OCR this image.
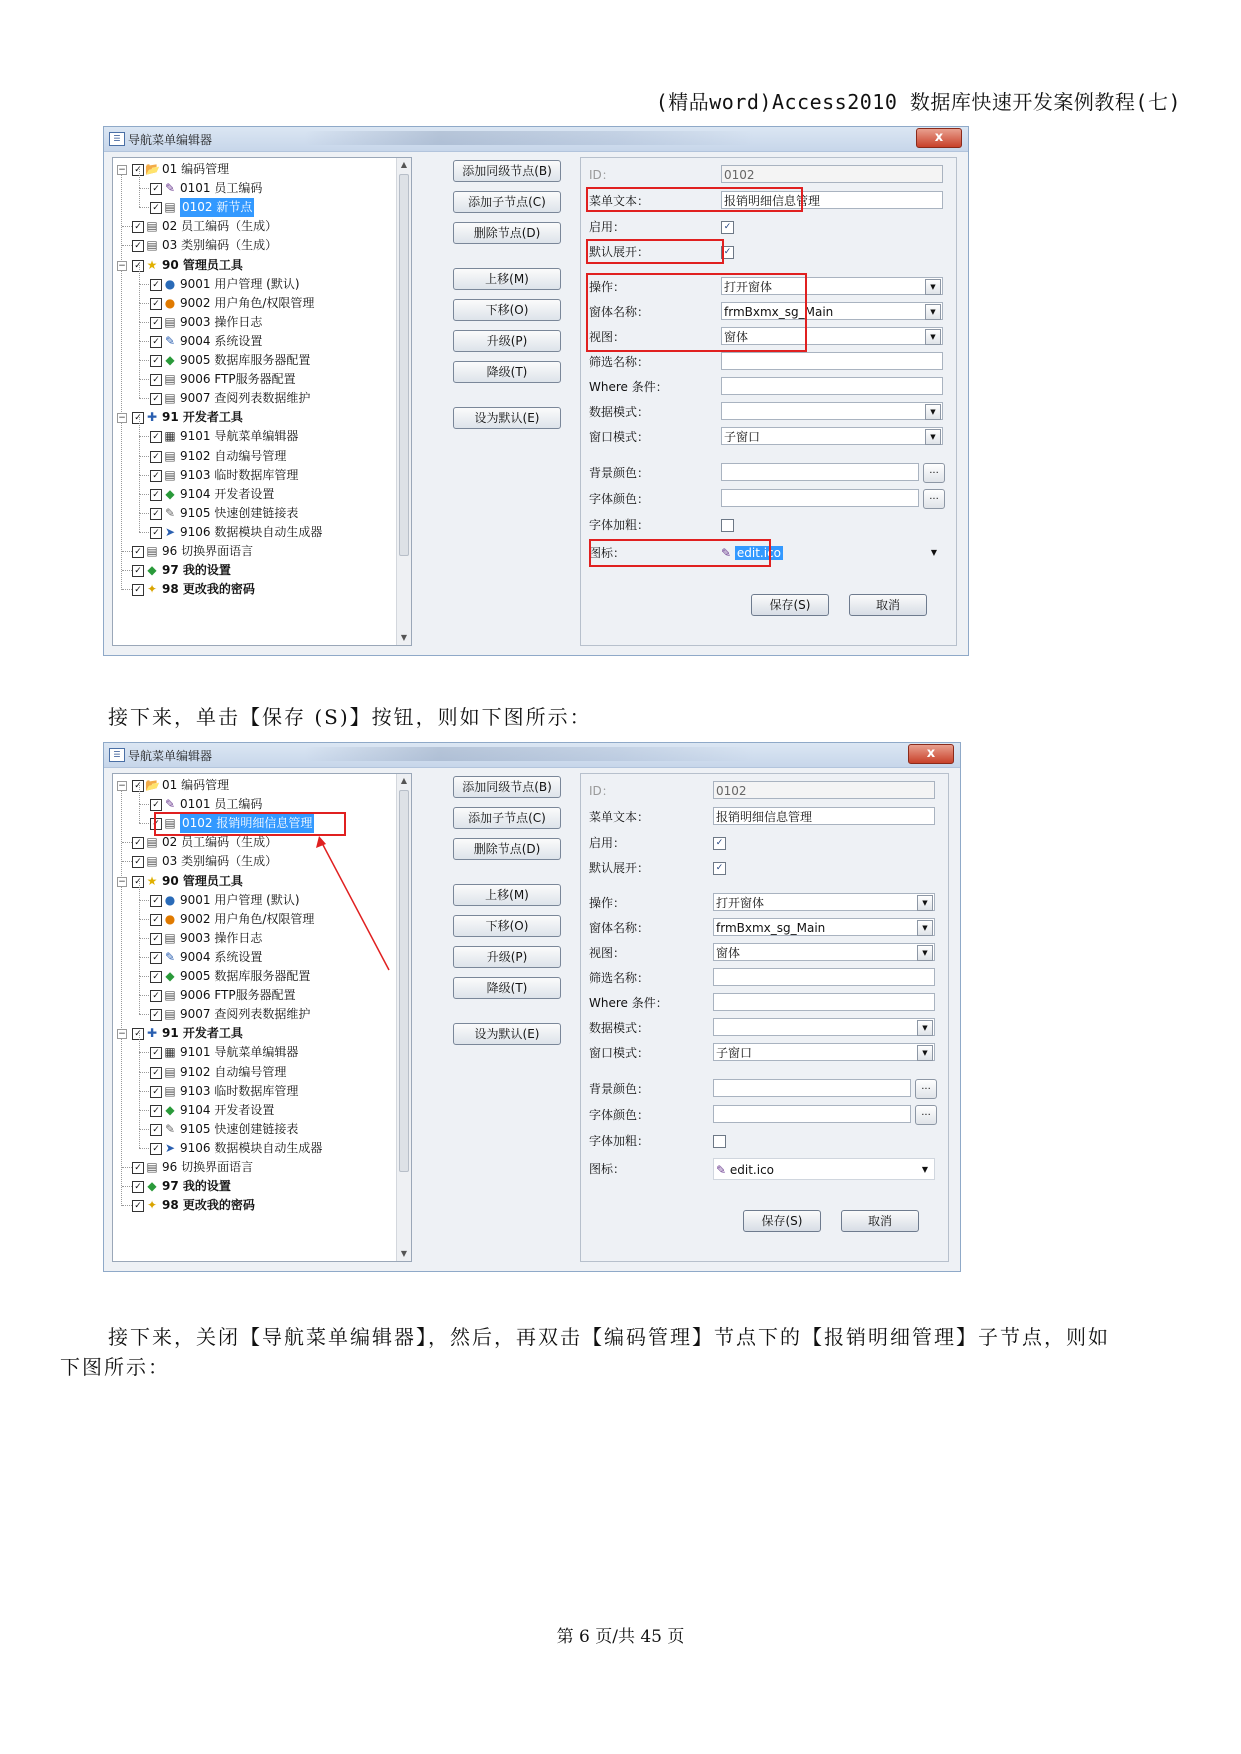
(精品word)Access2010 数据库快速开发案例教程(七)
☰ 导航菜单编辑器	x
▲
▼
− ✓ 📂 01 编码管理
✓ ✎ 0101 员工编码
✓ ▤ 0102 新节点
✓ ▤ 02 员工编码（生成）
✓ ▤ 03 类别编码（生成）
− ✓ ★ 90 管理员工具
✓ ● 9001 用户管理 (默认)
✓ ● 9002 用户角色/权限管理
✓ ▤ 9003 操作日志
✓ ✎ 9004 系统设置
✓ ◆ 9005 数据库服务器配置
✓ ▤ 9006 FTP服务器配置
✓ ▤ 9007 查阅列表数据维护
− ✓ ✚ 91 开发者工具
✓ ▦ 9101 导航菜单编辑器
✓ ▤ 9102 自动编号管理
✓ ▤ 9103 临时数据库管理
✓ ◆ 9104 开发者设置
✓ ✎ 9105 快速创建链接表
✓ ➤ 9106 数据模块自动生成器
✓ ▤ 96 切换界面语言
✓ ◆ 97 我的设置
✓ ✦ 98 更改我的密码
添加同级节点(B)
添加子节点(C)
删除节点(D)
上移(M)
下移(O)
升级(P)
降级(T)
设为默认(E)
ID：	0102
菜单文本：	报销明细信息管理
启用：	✓
默认展开：	✓
操作：	打开窗体	▼
窗体名称：	frmBxmx_sg_Main	▼
视图：	窗体	▼
筛选名称：
Where 条件：
数据模式：	▼
窗口模式：	子窗口	▼
背景颜色：	...
字体颜色：	...
字体加粗：
图标：	✎ edit.ico	▼
保存(S)	取消
接下来，单击【保存 (S)】按钮，则如下图所示：
☰ 导航菜单编辑器	x
▲
▼
− ✓ 📂 01 编码管理
✓ ✎ 0101 员工编码
✓ ▤ 0102 报销明细信息管理
✓ ▤ 02 员工编码（生成）
✓ ▤ 03 类别编码（生成）
− ✓ ★ 90 管理员工具
✓ ● 9001 用户管理 (默认)
✓ ● 9002 用户角色/权限管理
✓ ▤ 9003 操作日志
✓ ✎ 9004 系统设置
✓ ◆ 9005 数据库服务器配置
✓ ▤ 9006 FTP服务器配置
✓ ▤ 9007 查阅列表数据维护
− ✓ ✚ 91 开发者工具
✓ ▦ 9101 导航菜单编辑器
✓ ▤ 9102 自动编号管理
✓ ▤ 9103 临时数据库管理
✓ ◆ 9104 开发者设置
✓ ✎ 9105 快速创建链接表
✓ ➤ 9106 数据模块自动生成器
✓ ▤ 96 切换界面语言
✓ ◆ 97 我的设置
✓ ✦ 98 更改我的密码
添加同级节点(B)
添加子节点(C)
删除节点(D)
上移(M)
下移(O)
升级(P)
降级(T)
设为默认(E)
ID：	0102
菜单文本：	报销明细信息管理
启用：	✓
默认展开：	✓
操作：	打开窗体	▼
窗体名称：	frmBxmx_sg_Main	▼
视图：	窗体	▼
筛选名称：
Where 条件：
数据模式：	▼
窗口模式：	子窗口	▼
背景颜色：	...
字体颜色：	...
字体加粗：
图标：	✎ edit.ico	▼
保存(S)	取消
接下来，关闭【导航菜单编辑器】，然后，再双击【编码管理】节点下的【报销明细管理】子节点，则如
下图所示：
第 6 页/共 45 页
